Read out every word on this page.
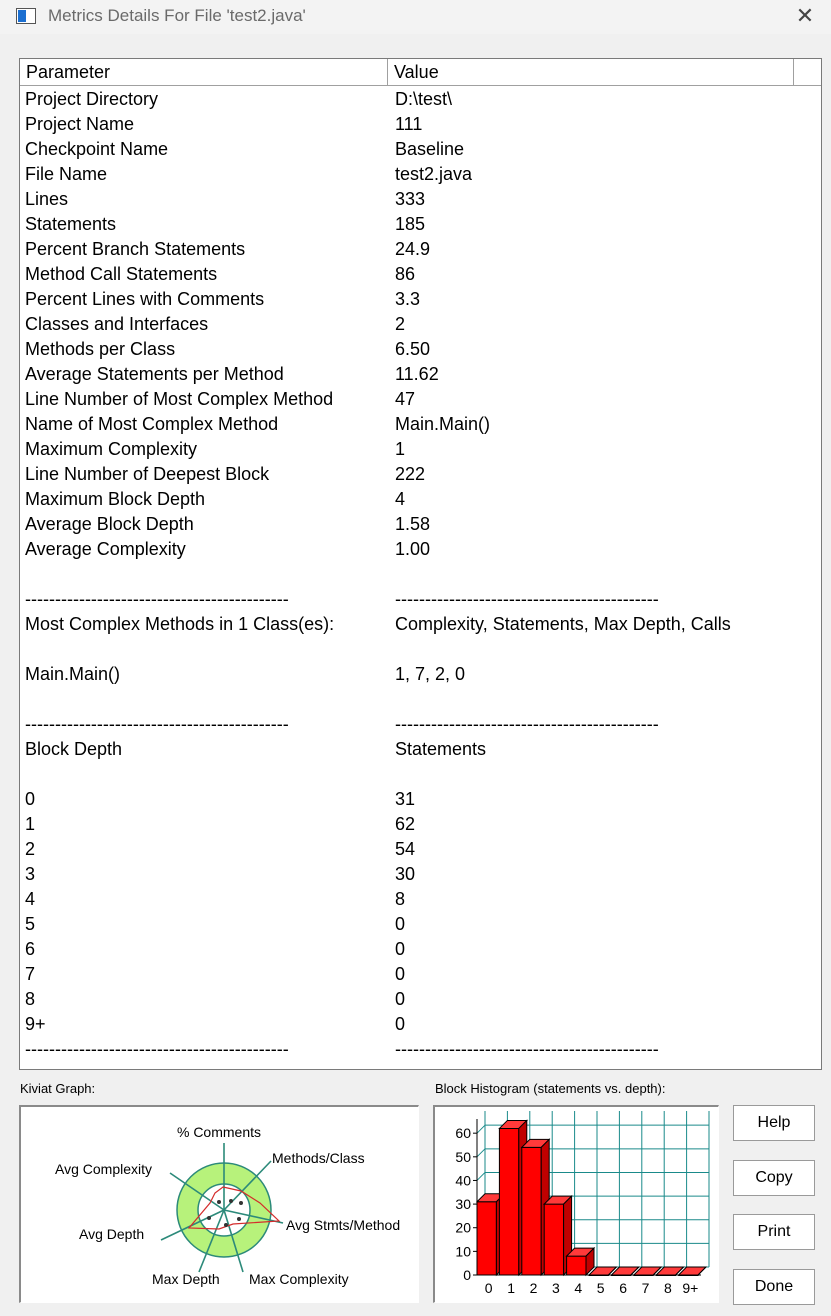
Metrics Details For File 'test2.java'	✕
Parameter	Value
Project Directory	D:\test\
Project Name	111
Checkpoint Name	Baseline
File Name	test2.java
Lines	333
Statements	185
Percent Branch Statements	24.9
Method Call Statements	86
Percent Lines with Comments	3.3
Classes and Interfaces	2
Methods per Class	6.50
Average Statements per Method	11.62
Line Number of Most Complex Method	47
Name of Most Complex Method	Main.Main()
Maximum Complexity	1
Line Number of Deepest Block	222
Maximum Block Depth	4
Average Block Depth	1.58
Average Complexity	1.00
--------------------------------------------	--------------------------------------------
Most Complex Methods in 1 Class(es):	Complexity, Statements, Max Depth, Calls
Main.Main()	1, 7, 2, 0
--------------------------------------------	--------------------------------------------
Block Depth	Statements
0	31
1	62
2	54
3	30
4	8
5	0
6	0
7	0
8	0
9+	0
--------------------------------------------	--------------------------------------------
Kiviat Graph:	Block Histogram (statements vs. depth):
% Comments
Methods/Class
Avg Stmts/Method
Max Complexity
Max Depth
Avg Depth
Avg Complexity
0
10
20
30
40
50
60
0 1 2 3 4 5 6 7 8 9+
Help
Copy
Print
Done
